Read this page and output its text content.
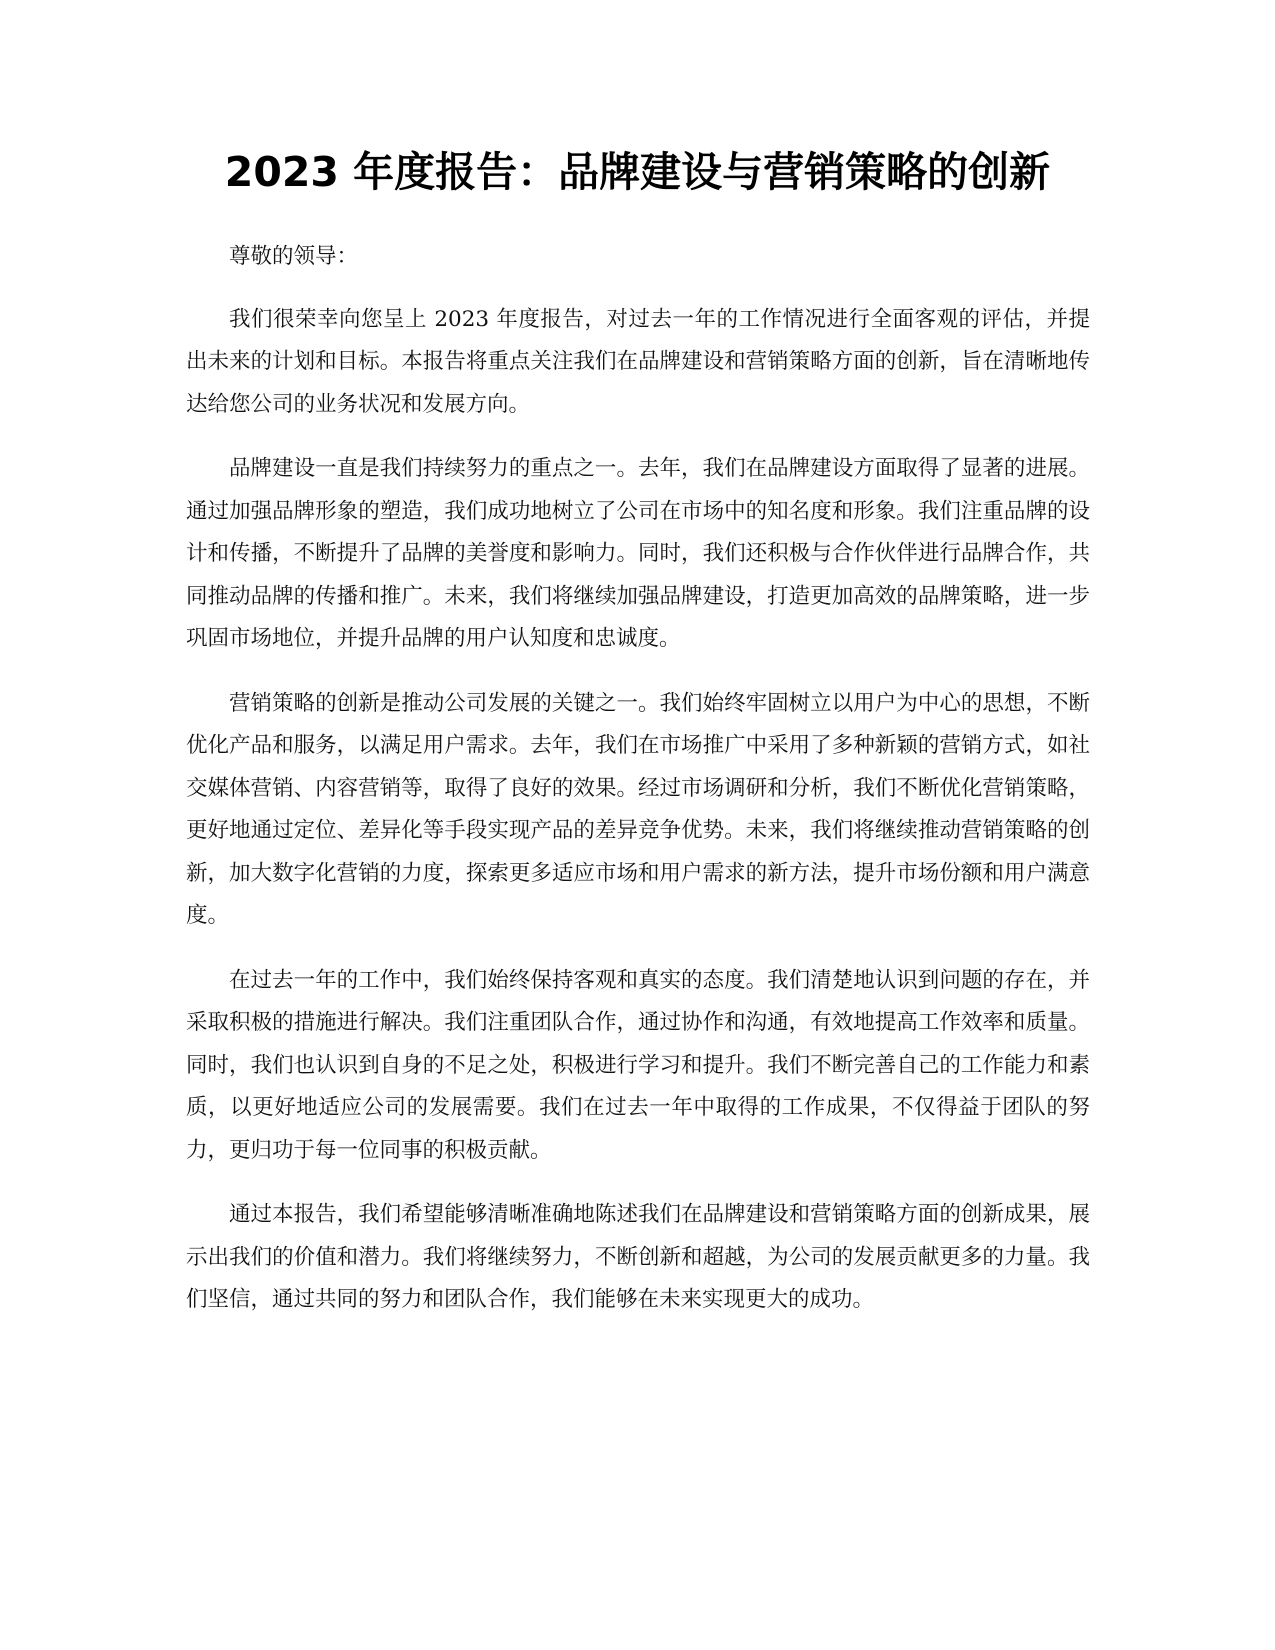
2023 年度报告：品牌建设与营销策略的创新

尊敬的领导：

我们很荣幸向您呈上 2023 年度报告，对过去一年的工作情况进行全面客观的评估，并提出未来的计划和目标。本报告将重点关注我们在品牌建设和营销策略方面的创新，旨在清晰地传达给您公司的业务状况和发展方向。

品牌建设一直是我们持续努力的重点之一。去年，我们在品牌建设方面取得了显著的进展。通过加强品牌形象的塑造，我们成功地树立了公司在市场中的知名度和形象。我们注重品牌的设计和传播，不断提升了品牌的美誉度和影响力。同时，我们还积极与合作伙伴进行品牌合作，共同推动品牌的传播和推广。未来，我们将继续加强品牌建设，打造更加高效的品牌策略，进一步巩固市场地位，并提升品牌的用户认知度和忠诚度。

营销策略的创新是推动公司发展的关键之一。我们始终牢固树立以用户为中心的思想，不断优化产品和服务，以满足用户需求。去年，我们在市场推广中采用了多种新颖的营销方式，如社交媒体营销、内容营销等，取得了良好的效果。经过市场调研和分析，我们不断优化营销策略，更好地通过定位、差异化等手段实现产品的差异竞争优势。未来，我们将继续推动营销策略的创新，加大数字化营销的力度，探索更多适应市场和用户需求的新方法，提升市场份额和用户满意度。

在过去一年的工作中，我们始终保持客观和真实的态度。我们清楚地认识到问题的存在，并采取积极的措施进行解决。我们注重团队合作，通过协作和沟通，有效地提高工作效率和质量。同时，我们也认识到自身的不足之处，积极进行学习和提升。我们不断完善自己的工作能力和素质，以更好地适应公司的发展需要。我们在过去一年中取得的工作成果，不仅得益于团队的努力，更归功于每一位同事的积极贡献。

通过本报告，我们希望能够清晰准确地陈述我们在品牌建设和营销策略方面的创新成果，展示出我们的价值和潜力。我们将继续努力，不断创新和超越，为公司的发展贡献更多的力量。我们坚信，通过共同的努力和团队合作，我们能够在未来实现更大的成功。
